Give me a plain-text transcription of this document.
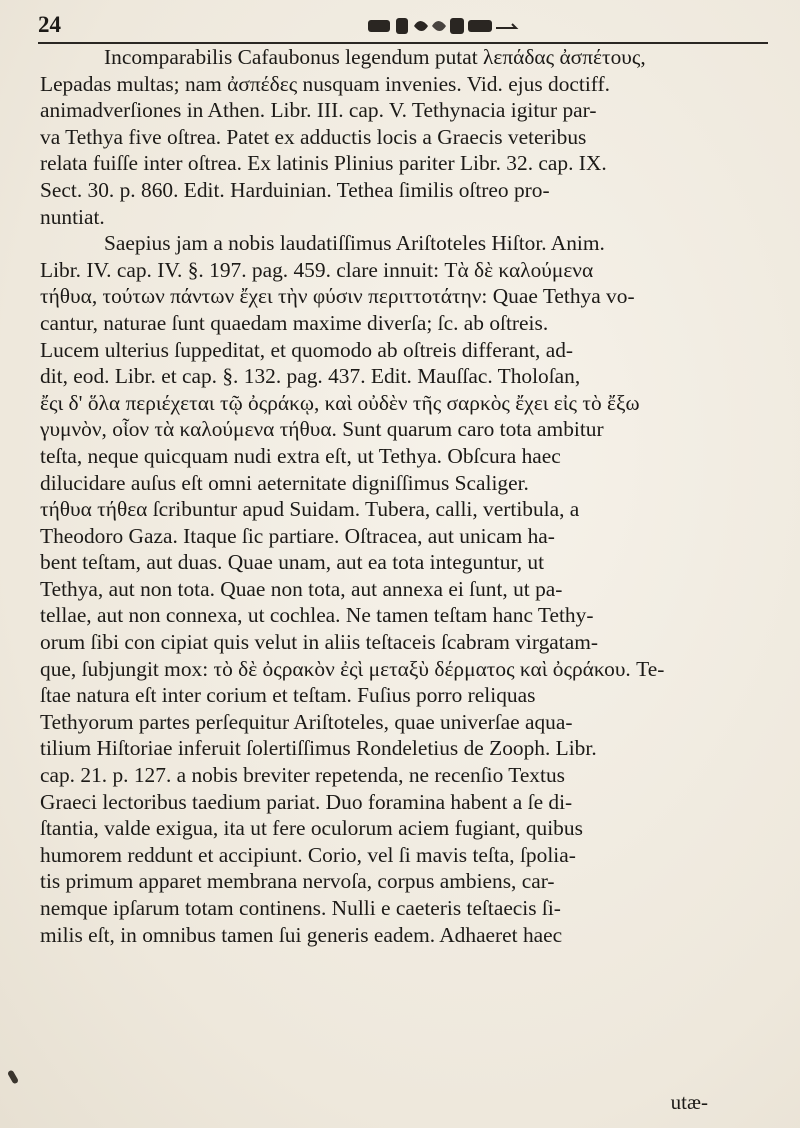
24
Incomparabilis Cafaubonus legendum putat λεπάδας ἀσπέτους,
Lepadas multas; nam ἀσπέδες nusquam invenies. Vid. ejus doctiff.
animadverſiones in Athen. Libr. III. cap. V. Tethynacia igitur par-
va Tethya five oſtrea. Patet ex adductis locis a Graecis veteribus
relata fuiſſe inter oſtrea. Ex latinis Plinius pariter Libr. 32. cap. IX.
Sect. 30. p. 860. Edit. Harduinian. Tethea ſimilis oſtreo pro-
nuntiat.
Saepius jam a nobis laudatiſſimus Ariſtoteles Hiſtor. Anim.
Libr. IV. cap. IV. §. 197. pag. 459. clare innuit: Τὰ δὲ καλούμενα
τήθυα, τούτων πάντων ἔχει τὴν φύσιν περιττοτάτην: Quae Tethya vo-
cantur, naturae ſunt quaedam maxime diverſa; ſc. ab oſtreis.
Lucem ulterius ſuppeditat, et quomodo ab oſtreis differant, ad-
dit, eod. Libr. et cap. §. 132. pag. 437. Edit. Mauſſac. Tholoſan,
ἔςι δ' ὅλα περιέχεται τῷ ὀςράκῳ, καὶ οὐδὲν τῆς σαρκὸς ἔχει εἰς τὸ ἔξω
γυμνὸν, οἷον τὰ καλούμενα τήθυα. Sunt quarum caro tota ambitur
teſta, neque quicquam nudi extra eſt, ut Tethya. Obſcura haec
dilucidare auſus eſt omni aeternitate digniſſimus Scaliger.
τήθυα τήθεα ſcribuntur apud Suidam. Tubera, calli, vertibula, a
Theodoro Gaza. Itaque ſic partiare. Oſtracea, aut unicam ha-
bent teſtam, aut duas. Quae unam, aut ea tota integuntur, ut
Tethya, aut non tota. Quae non tota, aut annexa ei ſunt, ut pa-
tellae, aut non connexa, ut cochlea. Ne tamen teſtam hanc Tethy-
orum ſibi con cipiat quis velut in aliis teſtaceis ſcabram virgatam-
que, ſubjungit mox: τὸ δὲ ὀςρακὸν ἐςὶ μεταξὺ δέρματος καὶ ὀςράκου. Te-
ſtae natura eſt inter corium et teſtam. Fuſius porro reliquas
Tethyorum partes perſequitur Ariſtoteles, quae univerſae aqua-
tilium Hiſtoriae inferuit ſolertiſſimus Rondeletius de Zooph. Libr.
cap. 21. p. 127. a nobis breviter repetenda, ne recenſio Textus
Graeci lectoribus taedium pariat. Duo foramina habent a ſe di-
ſtantia, valde exigua, ita ut fere oculorum aciem fugiant, quibus
humorem reddunt et accipiunt. Corio, vel ſi mavis teſta, ſpolia-
tis primum apparet membrana nervoſa, corpus ambiens, car-
nemque ipſarum totam continens. Nulli e caeteris teſtaecis ſi-
milis eſt, in omnibus tamen ſui generis eadem. Adhaeret haec
utæ-
